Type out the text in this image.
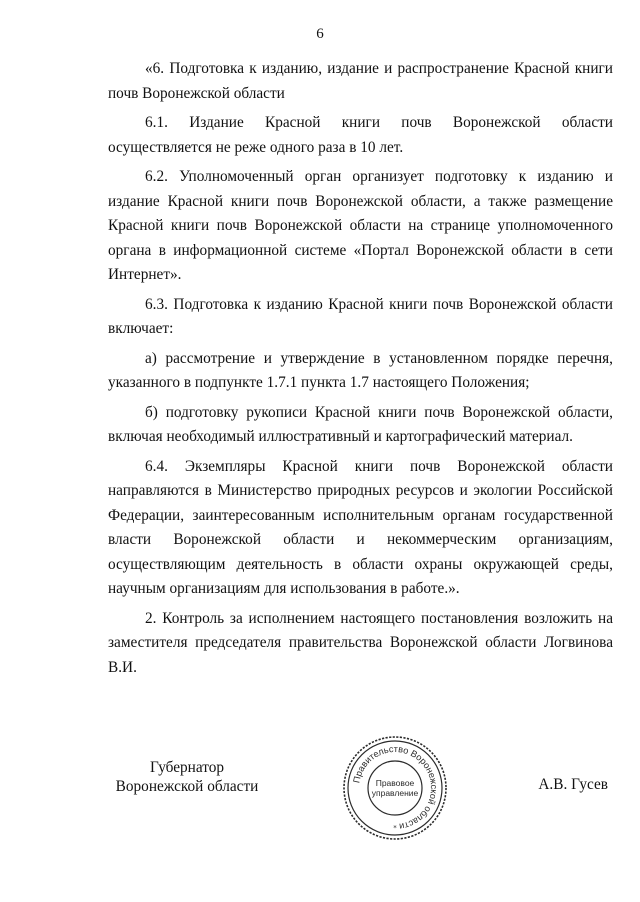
6

«6. Подготовка к изданию, издание и распространение Красной книги почв Воронежской области

6.1. Издание Красной книги почв Воронежской области осуществляется не реже одного раза в 10 лет.

6.2. Уполномоченный орган организует подготовку к изданию и издание Красной книги почв Воронежской области, а также размещение Красной книги почв Воронежской области на странице уполномоченного органа в информационной системе «Портал Воронежской области в сети Интернет».

6.3. Подготовка к изданию Красной книги почв Воронежской области включает:

а) рассмотрение и утверждение в установленном порядке перечня, указанного в подпункте 1.7.1 пункта 1.7 настоящего Положения;

б) подготовку рукописи Красной книги почв Воронежской области, включая необходимый иллюстративный и картографический материал.

6.4. Экземпляры Красной книги почв Воронежской области направляются в Министерство природных ресурсов и экологии Российской Федерации, заинтересованным исполнительным органам государственной власти Воронежской области и некоммерческим организациям, осуществляющим деятельность в области охраны окружающей среды, научным организациям для использования в работе.».

2. Контроль за исполнением настоящего постановления возложить на заместителя председателя правительства Воронежской области Логвинова В.И.

Губернатор
Воронежской области	Правительство Воронежской области
Правовое
управление
*
А.В. Гусев
